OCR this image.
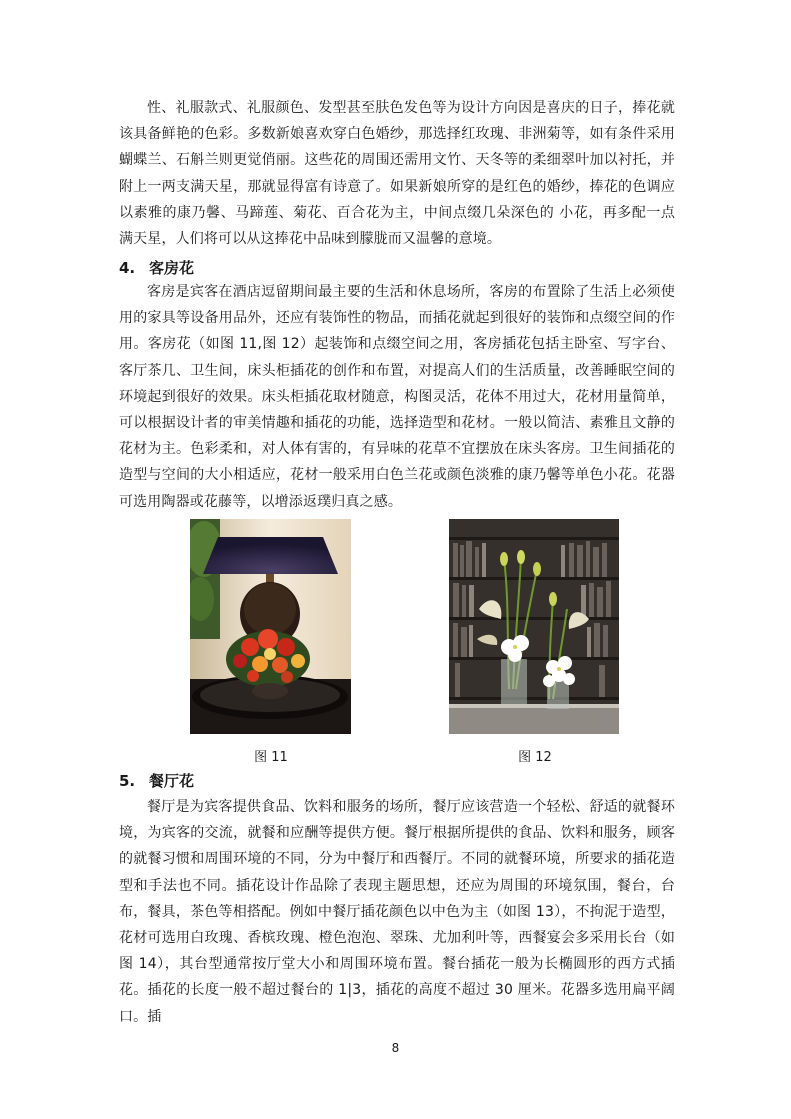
性、礼服款式、礼服颜色、发型甚至肤色发色等为设计方向因是喜庆的日子，捧花就该具备鲜艳的色彩。多数新娘喜欢穿白色婚纱，那选择红玫瑰、非洲菊等，如有条件采用蝴蝶兰、石斛兰则更觉俏丽。这些花的周围还需用文竹、天冬等的柔细翠叶加以衬托，并附上一两支满天星，那就显得富有诗意了。如果新娘所穿的是红色的婚纱，捧花的色调应以素雅的康乃馨、马蹄莲、菊花、百合花为主，中间点缀几朵深色的 小花，再多配一点满天星，人们将可以从这捧花中品味到朦胧而又温馨的意境。
4. 客房花
客房是宾客在酒店逗留期间最主要的生活和休息场所，客房的布置除了生活上必须使用的家具等设备用品外，还应有装饰性的物品，而插花就起到很好的装饰和点缀空间的作用。客房花（如图 11,图 12）起装饰和点缀空间之用，客房插花包括主卧室、写字台、客厅茶几、卫生间，床头柜插花的创作和布置，对提高人们的生活质量，改善睡眠空间的环境起到很好的效果。床头柜插花取材随意，构图灵活，花体不用过大，花材用量简单，可以根据设计者的审美情趣和插花的功能，选择造型和花材。一般以简洁、素雅且文静的花材为主。色彩柔和，对人体有害的，有异味的花草不宜摆放在床头客房。卫生间插花的造型与空间的大小相适应，花材一般采用白色兰花或颜色淡雅的康乃馨等单色小花。花器可选用陶器或花藤等，以增添返璞归真之感。
图 11	图 12
5. 餐厅花
餐厅是为宾客提供食品、饮料和服务的场所，餐厅应该营造一个轻松、舒适的就餐环境，为宾客的交流，就餐和应酬等提供方便。餐厅根据所提供的食品、饮料和服务，顾客的就餐习惯和周围环境的不同，分为中餐厅和西餐厅。不同的就餐环境，所要求的插花造型和手法也不同。插花设计作品除了表现主题思想，还应为周围的环境氛围，餐台，台布，餐具，茶色等相搭配。例如中餐厅插花颜色以中色为主（如图 13），不拘泥于造型，花材可选用白玫瑰、香槟玫瑰、橙色泡泡、翠珠、尤加利叶等，西餐宴会多采用长台（如图 14），其台型通常按厅堂大小和周围环境布置。餐台插花一般为长椭圆形的西方式插花。插花的长度一般不超过餐台的 1|3，插花的高度不超过 30 厘米。花器多选用扁平阔口。插
8
